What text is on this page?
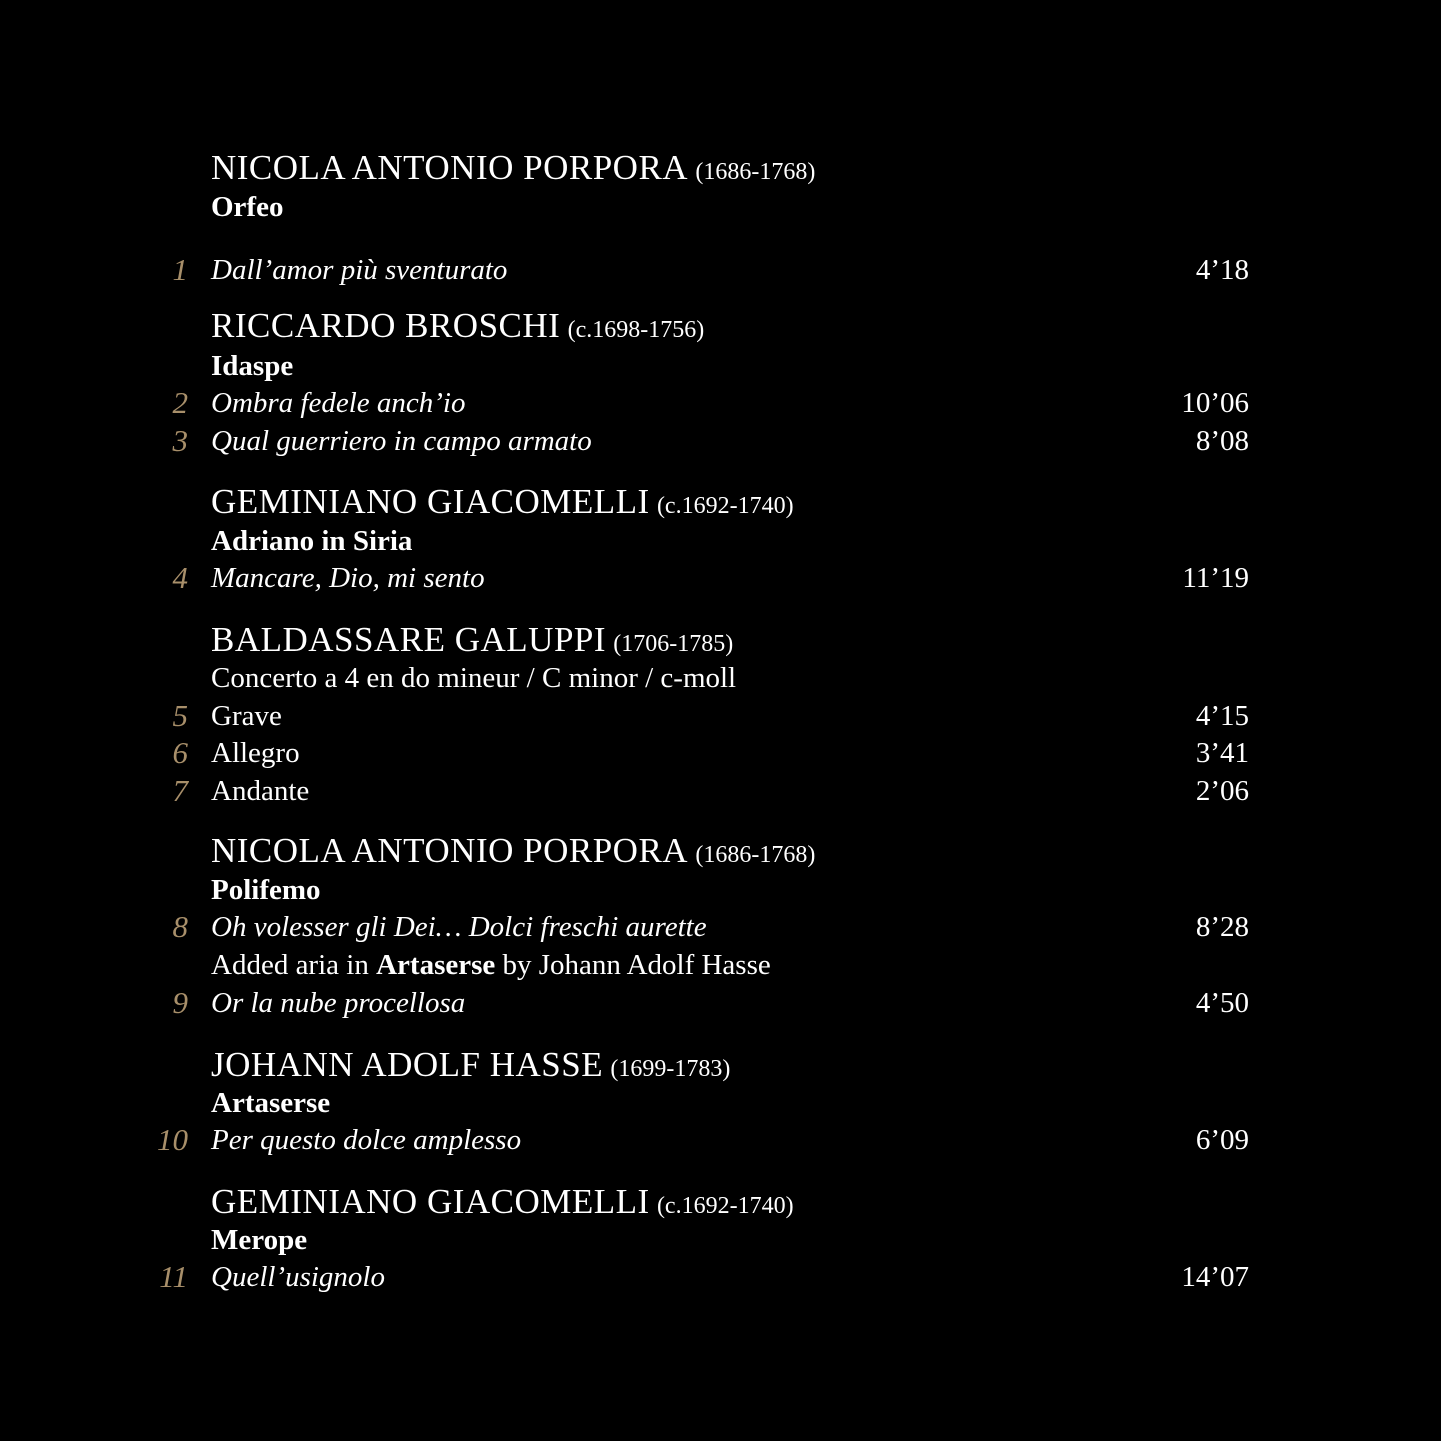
NICOLA ANTONIO PORPORA (1686-1768)
Orfeo
1 Dall’amor più sventurato	4’18
RICCARDO BROSCHI (c.1698-1756)
Idaspe
2 Ombra fedele anch’io	10’06
3 Qual guerriero in campo armato	8’08
GEMINIANO GIACOMELLI (c.1692-1740)
Adriano in Siria
4 Mancare, Dio, mi sento	11’19
BALDASSARE GALUPPI (1706-1785)
Concerto a 4 en do mineur / C minor / c-moll
5 Grave	4’15
6 Allegro	3’41
7 Andante	2’06
NICOLA ANTONIO PORPORA (1686-1768)
Polifemo
8 Oh volesser gli Dei… Dolci freschi aurette	8’28
Added aria in Artaserse by Johann Adolf Hasse
9 Or la nube procellosa	4’50
JOHANN ADOLF HASSE (1699-1783)
Artaserse
10 Per questo dolce amplesso	6’09
GEMINIANO GIACOMELLI (c.1692-1740)
Merope
11 Quell’usignolo	14’07
